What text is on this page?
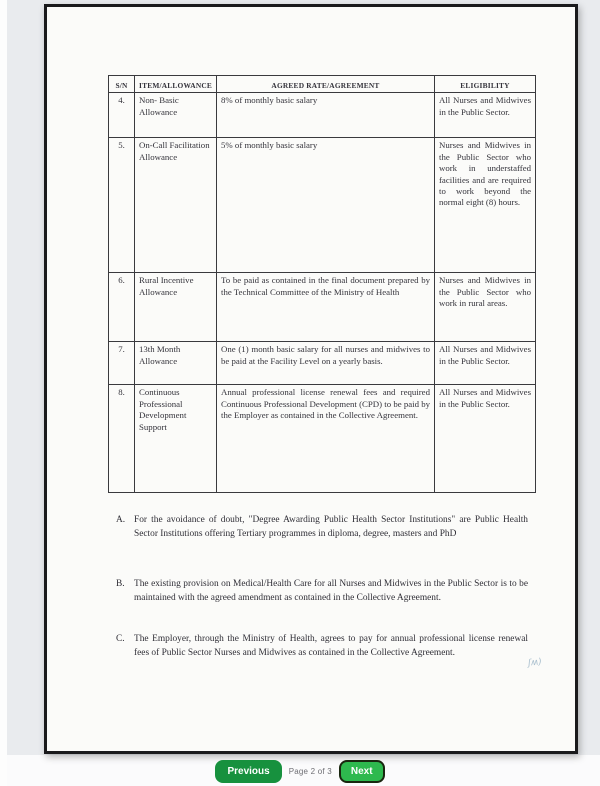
S/N	ITEM/ALLOWANCE	AGREED RATE/AGREEMENT	ELIGIBILITY
4.	Non- Basic Allowance	8% of monthly basic salary	All Nurses and Midwives in the Public Sector.
5.	On-Call Facilitation Allowance	5% of monthly basic salary	Nurses and Midwives in the Public Sector who work in understaffed facilities and are required to work beyond the normal eight (8) hours.
6.	Rural Incentive Allowance	To be paid as contained in the final document prepared by the Technical Committee of the Ministry of Health	Nurses and Midwives in the Public Sector who work in rural areas.
7.	13th Month Allowance	One (1) month basic salary for all nurses and midwives to be paid at the Facility Level on a yearly basis.	All Nurses and Midwives in the Public Sector.
8.	Continuous Professional Development Support	Annual professional license renewal fees and required Continuous Professional Development (CPD) to be paid by the Employer as contained in the Collective Agreement.	All Nurses and Midwives in the Public Sector.
A. For the avoidance of doubt, "Degree Awarding Public Health Sector Institutions" are Public Health Sector Institutions offering Tertiary programmes in diploma, degree, masters and PhD
B. The existing provision on Medical/Health Care for all Nurses and Midwives in the Public Sector is to be maintained with the agreed amendment as contained in the Collective Agreement.
C. The Employer, through the Ministry of Health, agrees to pay for annual professional license renewal fees of Public Sector Nurses and Midwives as contained in the Collective Agreement.
ʃʍ)
Previous	Page 2 of 3	Next
